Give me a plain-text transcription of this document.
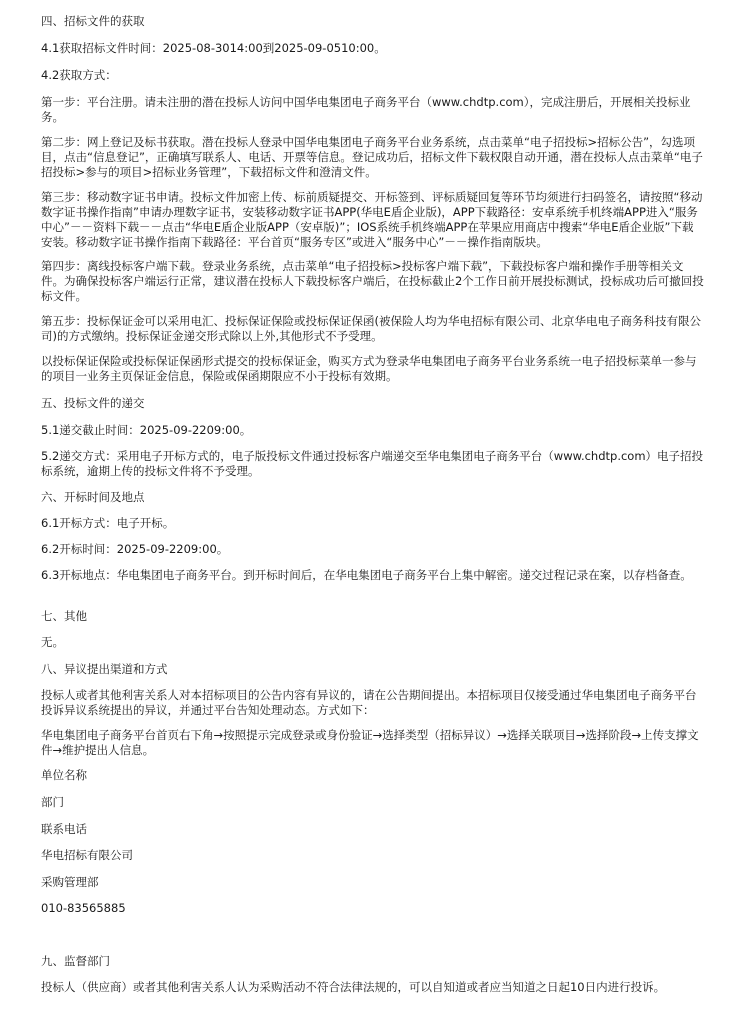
四、招标文件的获取

4.1获取招标文件时间：2025-08-3014:00到2025-09-0510:00。

4.2获取方式：

第一步：平台注册。请未注册的潜在投标人访问中国华电集团电子商务平台（www.chdtp.com），完成注册后，开展相关投标业务。

第二步：网上登记及标书获取。潜在投标人登录中国华电集团电子商务平台业务系统，点击菜单“电子招投标>招标公告”，勾选项目，点击“信息登记”，正确填写联系人、电话、开票等信息。登记成功后，招标文件下载权限自动开通，潜在投标人点击菜单“电子招投标>参与的项目>招标业务管理”，下载招标文件和澄清文件。

第三步：移动数字证书申请。投标文件加密上传、标前质疑提交、开标签到、评标质疑回复等环节均须进行扫码签名，请按照“移动数字证书操作指南”申请办理数字证书，安装移动数字证书APP(华电E盾企业版)，APP下载路径：安卓系统手机终端APP进入“服务中心”－－资料下载－－点击“华电E盾企业版APP（安卓版)”；IOS系统手机终端APP在苹果应用商店中搜索“华电E盾企业版”下载安装。移动数字证书操作指南下载路径：平台首页“服务专区”或进入“服务中心”－－操作指南版块。

第四步：离线投标客户端下载。登录业务系统，点击菜单“电子招投标>投标客户端下载”，下载投标客户端和操作手册等相关文件。为确保投标客户端运行正常，建议潜在投标人下载投标客户端后，在投标截止2个工作日前开展投标测试，投标成功后可撤回投标文件。

第五步：投标保证金可以采用电汇、投标保证保险或投标保证保函(被保险人均为华电招标有限公司、北京华电电子商务科技有限公司)的方式缴纳。投标保证金递交形式除以上外,其他形式不予受理。

以投标保证保险或投标保证保函形式提交的投标保证金，购买方式为登录华电集团电子商务平台业务系统一电子招投标菜单一参与的项目一业务主页保证金信息，保险或保函期限应不小于投标有效期。

五、投标文件的递交

5.1递交截止时间：2025-09-2209:00。

5.2递交方式：采用电子开标方式的，电子版投标文件通过投标客户端递交至华电集团电子商务平台（www.chdtp.com）电子招投标系统，逾期上传的投标文件将不予受理。

六、开标时间及地点

6.1开标方式：电子开标。

6.2开标时间：2025-09-2209:00。

6.3开标地点：华电集团电子商务平台。到开标时间后，在华电集团电子商务平台上集中解密。递交过程记录在案，以存档备查。

七、其他

无。

八、异议提出渠道和方式

投标人或者其他利害关系人对本招标项目的公告内容有异议的，请在公告期间提出。本招标项目仅接受通过华电集团电子商务平台投诉异议系统提出的异议，并通过平台告知处理动态。方式如下：

华电集团电子商务平台首页右下角→按照提示完成登录或身份验证→选择类型（招标异议）→选择关联项目→选择阶段→上传支撑文件→维护提出人信息。

单位名称

部门

联系电话

华电招标有限公司

采购管理部

010-83565885

九、监督部门

投标人（供应商）或者其他利害关系人认为采购活动不符合法律法规的，可以自知道或者应当知道之日起10日内进行投诉。
